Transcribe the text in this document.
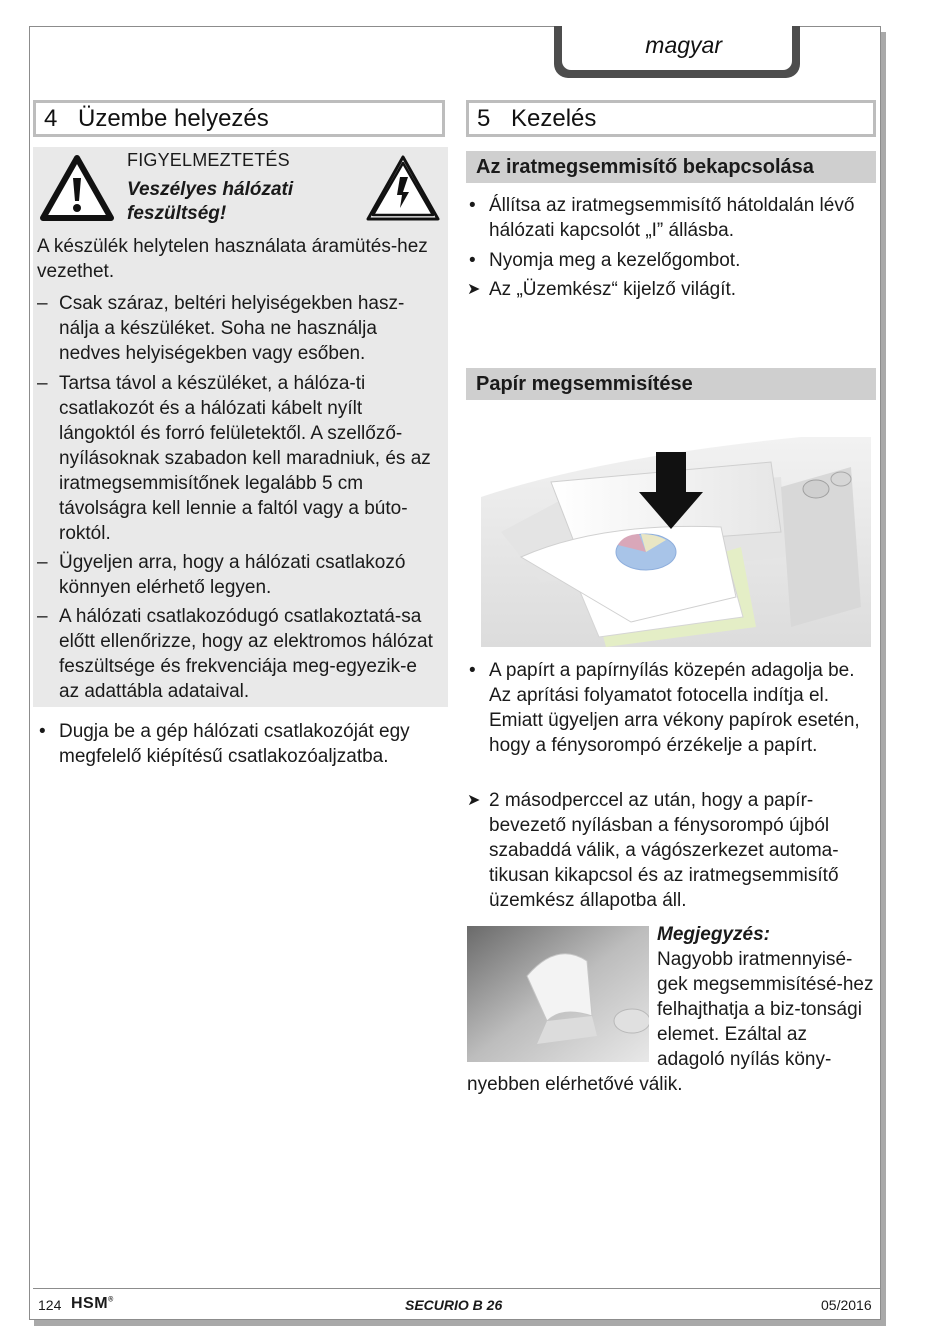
magyar
4 Üzembe helyezés
FIGYELMEZTETÉS
Veszélyes hálózati feszültség!
A készülék helytelen használata áramütés-hez vezethet.
– Csak száraz, beltéri helyiségekben hasz-nálja a készüléket. Soha ne használja nedves helyiségekben vagy esőben.
– Tartsa távol a készüléket, a hálóza-ti csatlakozót és a hálózati kábelt nyílt lángoktól és forró felületektől. A szellőző-nyílásoknak szabadon kell maradniuk, és az iratmegsemmisítőnek legalább 5 cm távolságra kell lennie a faltól vagy a búto-roktól.
– Ügyeljen arra, hogy a hálózati csatlakozó könnyen elérhető legyen.
– A hálózati csatlakozódugó csatlakoztatá-sa előtt ellenőrizze, hogy az elektromos hálózat feszültsége és frekvenciája meg-egyezik-e az adattábla adataival.
• Dugja be a gép hálózati csatlakozóját egy megfelelő kiépítésű csatlakozóaljzatba.
5 Kezelés
Az iratmegsemmisítő bekapcsolása
• Állítsa az iratmegsemmisítő hátoldalán lévő hálózati kapcsolót „I” állásba.
• Nyomja meg a kezelőgombot.
➤ Az „Üzemkész“ kijelző világít.
Papír megsemmisítése
• A papírt a papírnyílás közepén adagolja be. Az aprítási folyamatot fotocella indítja el. Emiatt ügyeljen arra vékony papírok esetén, hogy a fénysorompó érzékelje a papírt.
➤ 2 másodperccel az után, hogy a papír-bevezető nyílásban a fénysorompó újból szabaddá válik, a vágószerkezet automa-tikusan kikapcsol és az iratmegsemmisítő üzemkész állapotba áll.
Megjegyzés:
Nagyobb iratmennyisé-gek megsemmisítésé-hez felhajthatja a biz-tonsági elemet. Ezáltal az adagoló nyílás köny-
nyebben elérhetővé válik.
124 HSM®	SECURIO B 26	05/2016
